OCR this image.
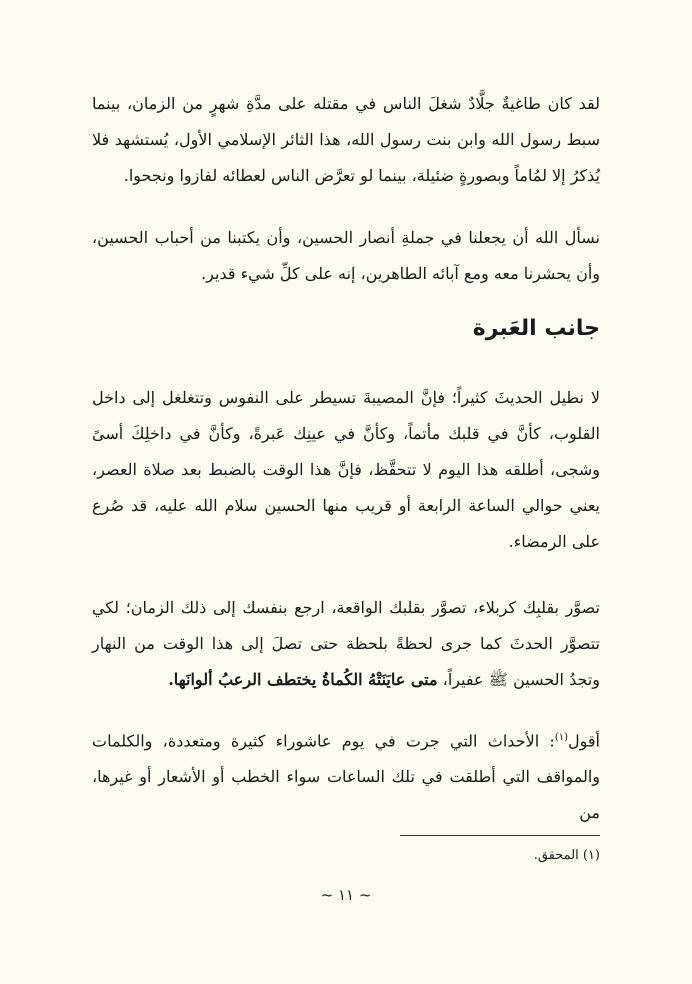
لقد كان طاغيةٌ جلَّادٌ شغلَ الناس في مقتله على مدَّةِ شهرٍ من الزمان، بينما سبط رسول الله وابن بنت رسول الله، هذا الثائر الإسلامي الأول، يُستشهد فلا يُذكرُ إلا لمُاماً وبصورةٍ ضئيلة، بينما لو تعرَّض الناس لعطائه لفازوا ونجحوا.

نسأل الله أن يجعلنا في جملةِ أنصار الحسين، وأن يكتبنا من أحباب الحسين، وأن يحشرنا معه ومع آبائه الطاهرين، إنه على كلِّ شيء قدير.

جانب العَبرة

لا نطيل الحديثَ كثيراً؛ فإنَّ المصيبةَ تسيطر على النفوس وتتغلغل إلى داخل القلوب، كأنَّ في قلبك مأتماً، وكأنَّ في عينِك عَبرةً، وكأنَّ في داخلِكَ أسىً وشجى، أطلقه هذا اليوم لا تتحقَّظ، فإنَّ هذا الوقت بالضبط بعد صلاة العصر، يعني حوالي الساعة الرابعة أو قريب منها الحسين سلام الله عليه، قد صُرع على الرمضاء.

تصوَّر بقلبِك كربلاء، تصوَّر بقلبك الواقعة، ارجع بنفسك إلى ذلك الزمان؛ لكي تتصوَّر الحدثَ كما جرى لحظةً بلحظة حتى تصلَ إلى هذا الوقت من النهار وتجدُ الحسين ﷺ عفيراً، متى عايَنَتْهُ الكُماةُ يختطف الرعبُ ألوانَها.

أقول$^{(١)}$: الأحداث التي جرت في يوم عاشوراء كثيرة ومتعددة، والكلمات والمواقف التي أطلقت في تلك الساعات سواء الخطب أو الأشعار أو غيرها، من

(١) المحقق.

~ ١١ ~
